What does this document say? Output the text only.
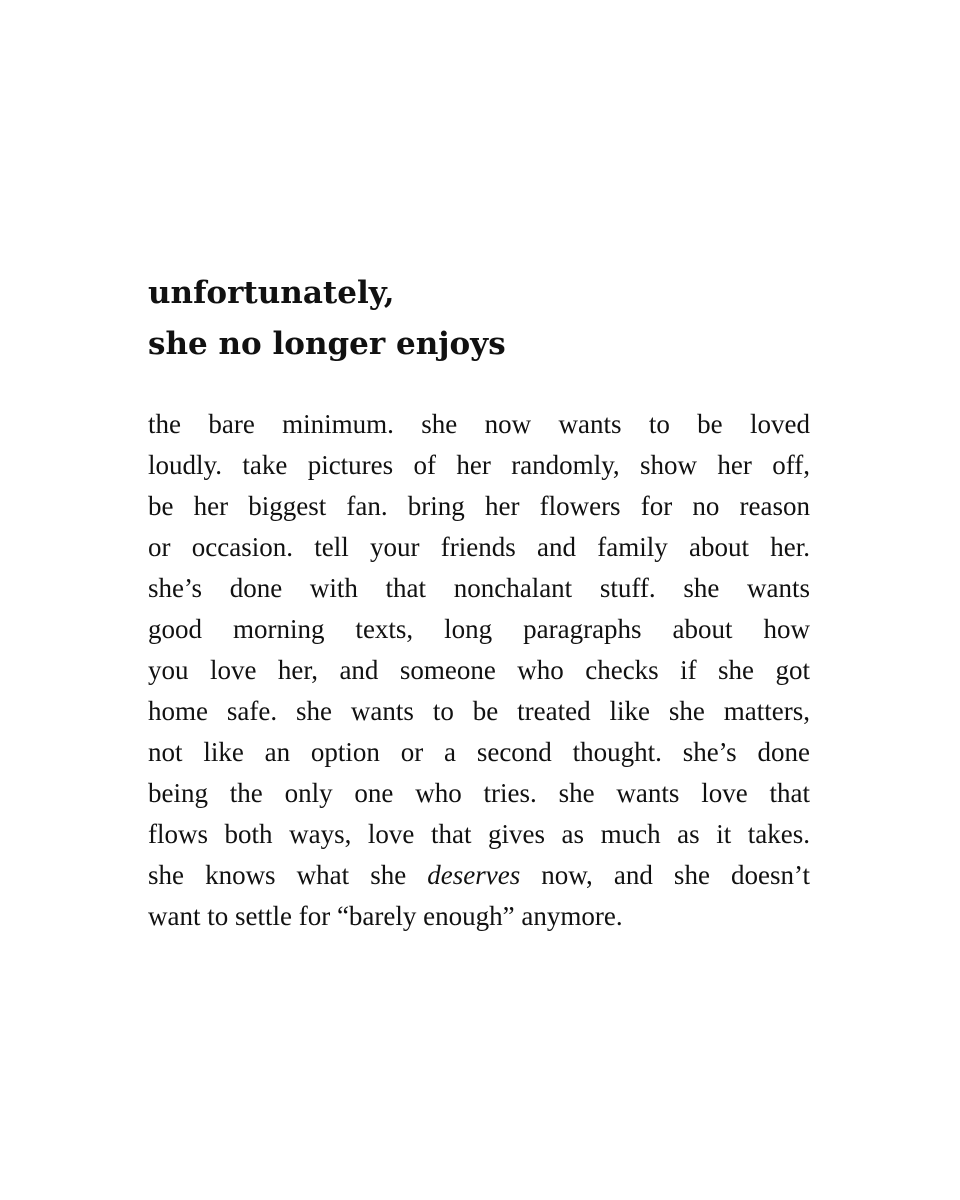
unfortunately,
she no longer enjoys
the bare minimum. she now wants to be loved
loudly. take pictures of her randomly, show her off,
be her biggest fan. bring her flowers for no reason
or occasion. tell your friends and family about her.
she’s done with that nonchalant stuff. she wants
good morning texts, long paragraphs about how
you love her, and someone who checks if she got
home safe. she wants to be treated like she matters,
not like an option or a second thought. she’s done
being the only one who tries. she wants love that
flows both ways, love that gives as much as it takes.
she knows what she deserves now, and she doesn’t
want to settle for “barely enough” anymore.
